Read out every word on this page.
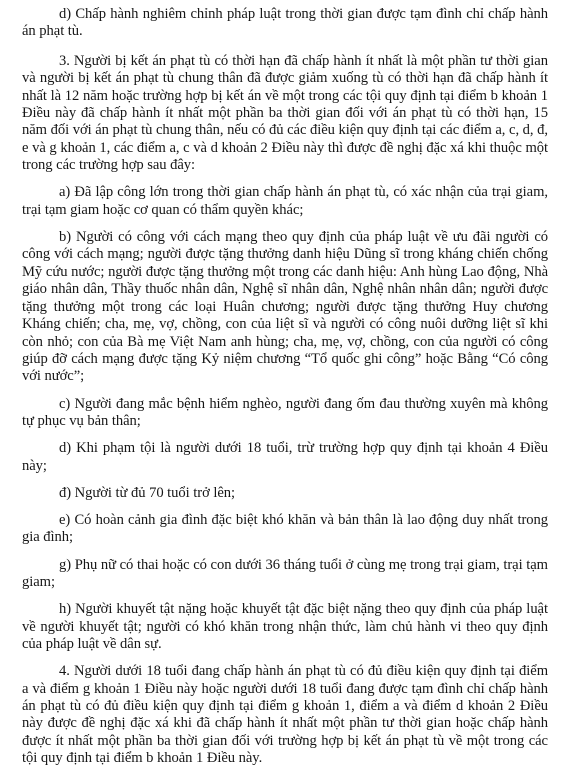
d) Chấp hành nghiêm chỉnh pháp luật trong thời gian được tạm đình chỉ chấp hành án phạt tù.

3. Người bị kết án phạt tù có thời hạn đã chấp hành ít nhất là một phần tư thời gian và người bị kết án phạt tù chung thân đã được giảm xuống tù có thời hạn đã chấp hành ít nhất là 12 năm hoặc trường hợp bị kết án về một trong các tội quy định tại điểm b khoản 1 Điều này đã chấp hành ít nhất một phần ba thời gian đối với án phạt tù có thời hạn, 15 năm đối với án phạt tù chung thân, nếu có đủ các điều kiện quy định tại các điểm a, c, d, đ, e và g khoản 1, các điểm a, c và d khoản 2 Điều này thì được đề nghị đặc xá khi thuộc một trong các trường hợp sau đây:

a) Đã lập công lớn trong thời gian chấp hành án phạt tù, có xác nhận của trại giam, trại tạm giam hoặc cơ quan có thẩm quyền khác;

b) Người có công với cách mạng theo quy định của pháp luật về ưu đãi người có công với cách mạng; người được tặng thưởng danh hiệu Dũng sĩ trong kháng chiến chống Mỹ cứu nước; người được tặng thưởng một trong các danh hiệu: Anh hùng Lao động, Nhà giáo nhân dân, Thầy thuốc nhân dân, Nghệ sĩ nhân dân, Nghệ nhân nhân dân; người được tặng thưởng một trong các loại Huân chương; người được tặng thưởng Huy chương Kháng chiến; cha, mẹ, vợ, chồng, con của liệt sĩ và người có công nuôi dưỡng liệt sĩ khi còn nhỏ; con của Bà mẹ Việt Nam anh hùng; cha, mẹ, vợ, chồng, con của người có công giúp đỡ cách mạng được tặng Kỷ niệm chương “Tổ quốc ghi công” hoặc Bằng “Có công với nước”;

c) Người đang mắc bệnh hiểm nghèo, người đang ốm đau thường xuyên mà không tự phục vụ bản thân;

d) Khi phạm tội là người dưới 18 tuổi, trừ trường hợp quy định tại khoản 4 Điều này;

đ) Người từ đủ 70 tuổi trở lên;

e) Có hoàn cảnh gia đình đặc biệt khó khăn và bản thân là lao động duy nhất trong gia đình;

g) Phụ nữ có thai hoặc có con dưới 36 tháng tuổi ở cùng mẹ trong trại giam, trại tạm giam;

h) Người khuyết tật nặng hoặc khuyết tật đặc biệt nặng theo quy định của pháp luật về người khuyết tật; người có khó khăn trong nhận thức, làm chủ hành vi theo quy định của pháp luật về dân sự.

4. Người dưới 18 tuổi đang chấp hành án phạt tù có đủ điều kiện quy định tại điểm a và điểm g khoản 1 Điều này hoặc người dưới 18 tuổi đang được tạm đình chỉ chấp hành án phạt tù có đủ điều kiện quy định tại điểm g khoản 1, điểm a và điểm d khoản 2 Điều này được đề nghị đặc xá khi đã chấp hành ít nhất một phần tư thời gian hoặc chấp hành được ít nhất một phần ba thời gian đối với trường hợp bị kết án phạt tù về một trong các tội quy định tại điểm b khoản 1 Điều này.
